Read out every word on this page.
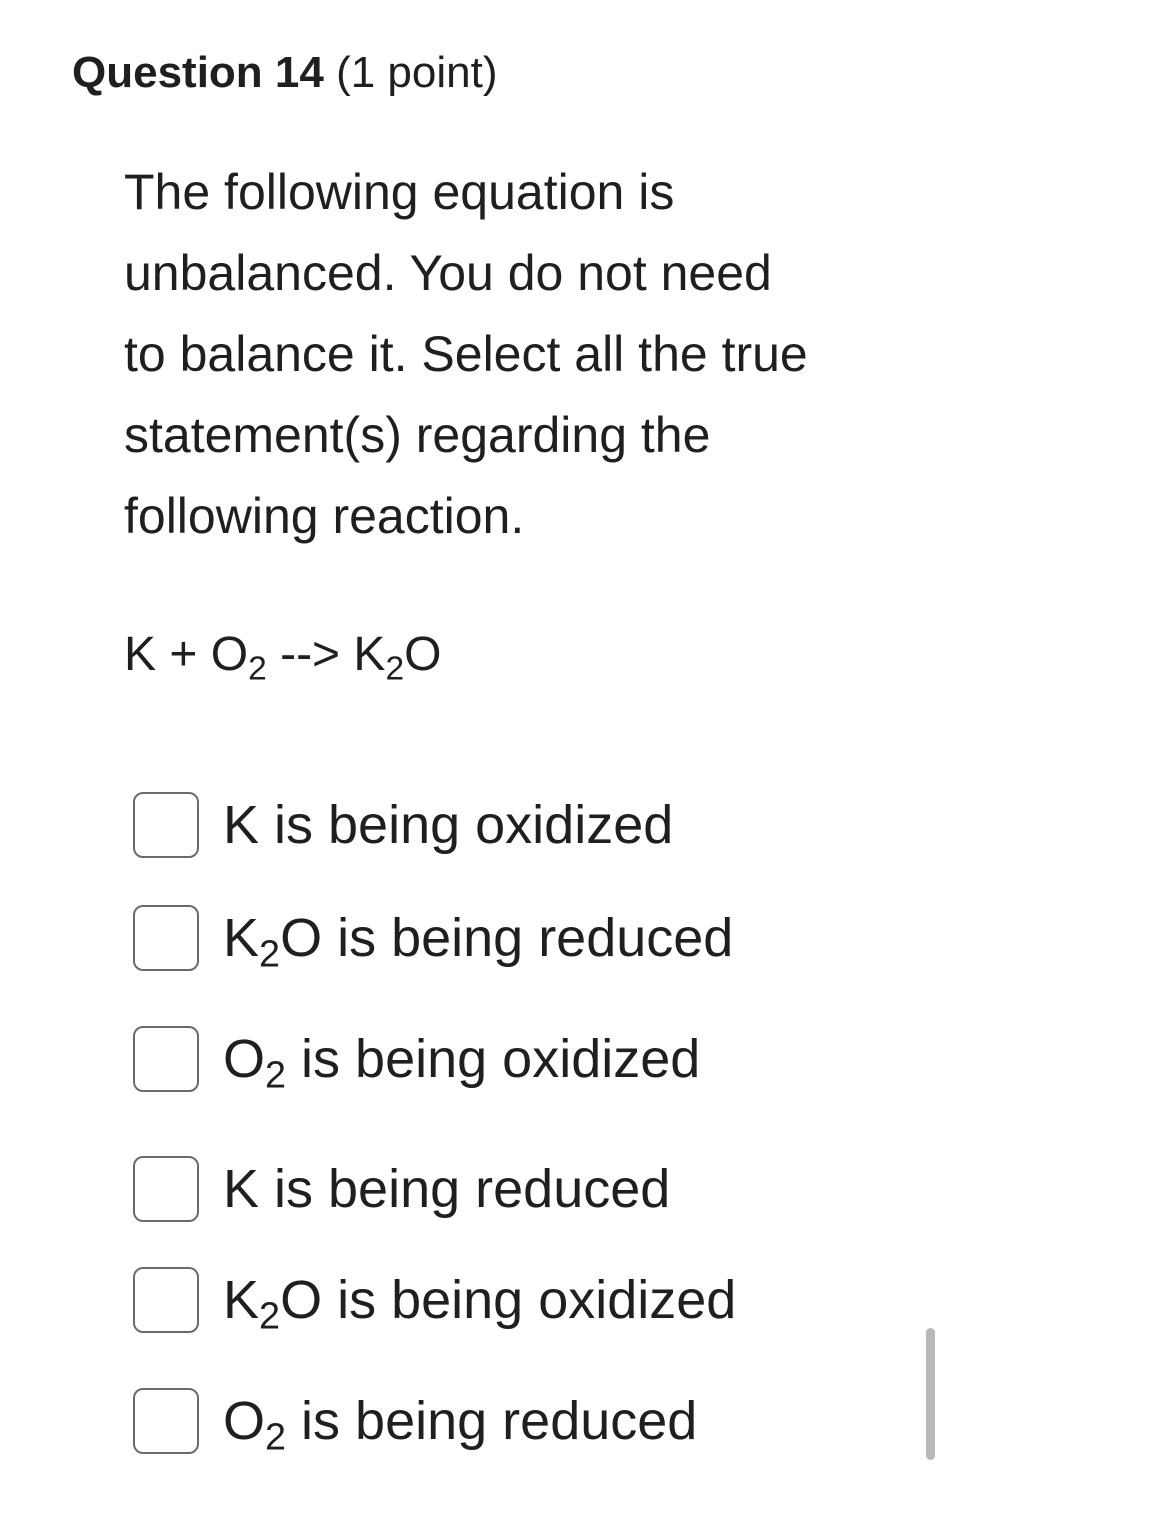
Question 14 (1 point)
The following equation is
unbalanced. You do not need
to balance it. Select all the true
statement(s) regarding the
following reaction.
$K + O_2$ --> $K_2O$
K is being oxidized
$K_2O$ is being reduced
$O_2$ is being oxidized
K is being reduced
$K_2O$ is being oxidized
$O_2$ is being reduced
